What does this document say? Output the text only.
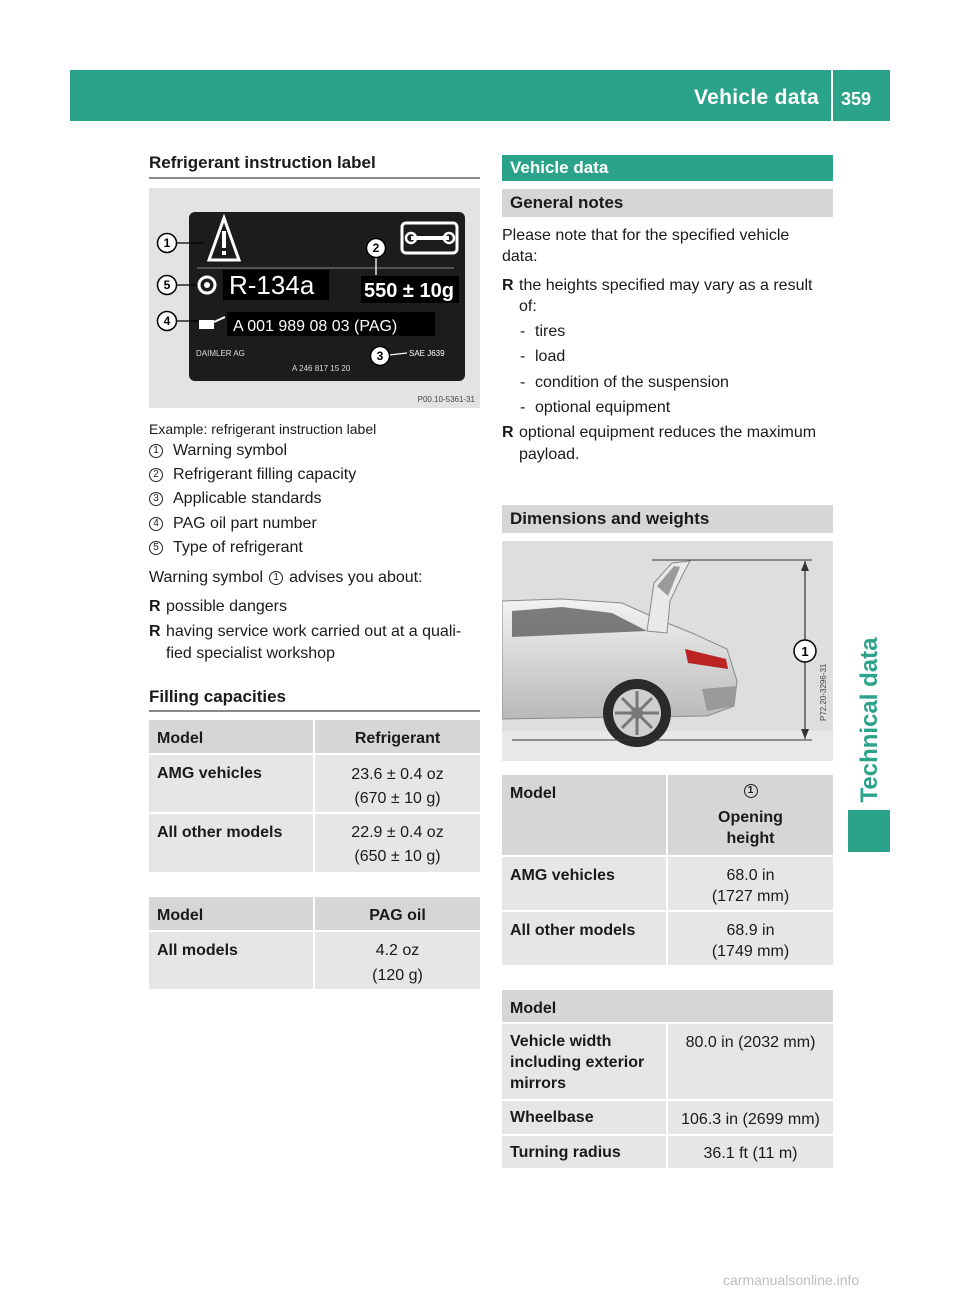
Vehicle data 359
Technical data
Refrigerant instruction label
R-134a 550 ± 10g
A 001 989 08 03 (PAG)
DAIMLER AG	SAE J639
A 246 817 15 20
1	2
3
4
5
P00.10-5361-31
Example: refrigerant instruction label
1 Warning symbol
2 Refrigerant filling capacity
3 Applicable standards
4 PAG oil part number
5 Type of refrigerant
Warning symbol	1 advises you about:
R possible dangers
R having service work carried out at a quali-
fied specialist workshop
Filling capacities
Model	Refrigerant
AMG vehicles	23.6 ± 0.4 oz
(670 ± 10 g)
All other models	22.9 ± 0.4 oz
(650 ± 10 g)
Model	PAG oil
All models	4.2 oz
(120 g)
Vehicle data
General notes
Please note that for the specified vehicle
data:
R the heights specified may vary as a result
of:
- tires
- load
- condition of the suspension
- optional equipment
R optional equipment reduces the maximum
payload.
Dimensions and weights
1
P72.20-3296-31
Model	1
Opening
height
AMG vehicles	68.0 in
(1727 mm)
All other models	68.9 in
(1749 mm)
Model
Vehicle width
including exterior
mirrors
80.0 in (2032 mm)
Wheelbase	106.3 in (2699 mm)
Turning radius	36.1 ft (11 m)
carmanualsonline.info
